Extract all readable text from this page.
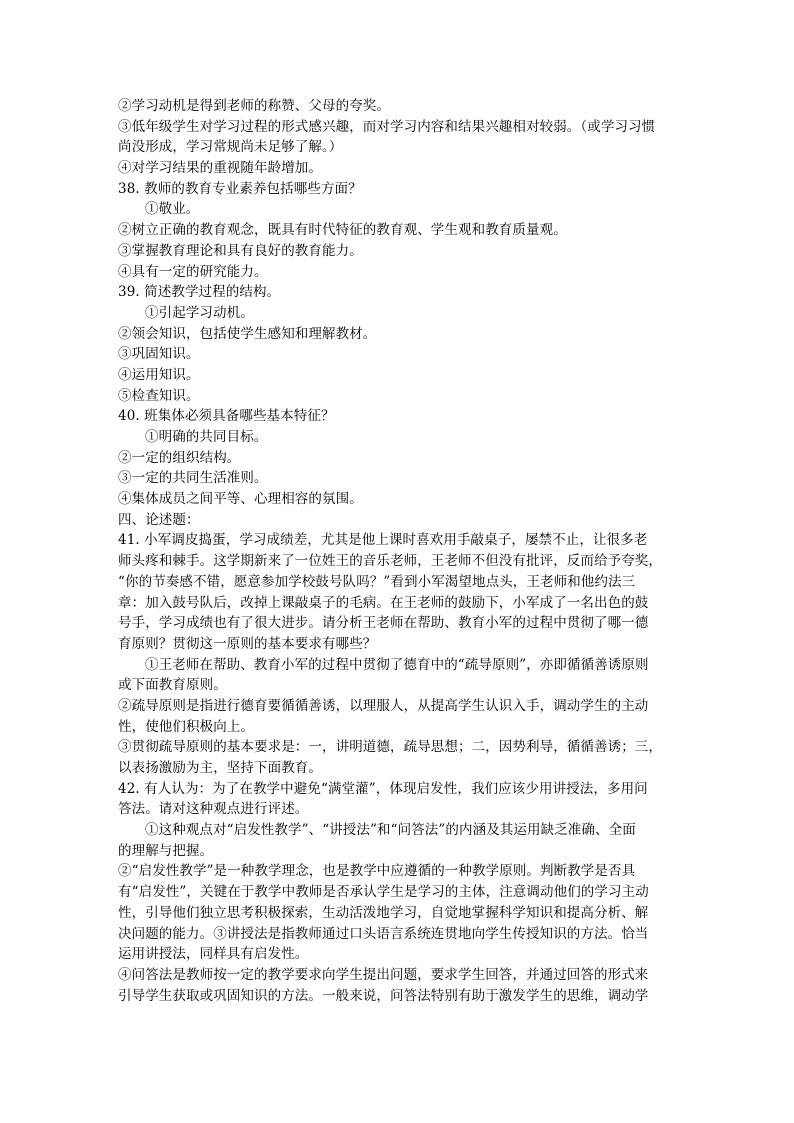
②学习动机是得到老师的称赞、父母的夸奖。
③低年级学生对学习过程的形式感兴趣，而对学习内容和结果兴趣相对较弱。（或学习习惯
尚没形成，学习常规尚未足够了解。）
④对学习结果的重视随年龄增加。
38. 教师的教育专业素养包括哪些方面？
①敬业。
②树立正确的教育观念，既具有时代特征的教育观、学生观和教育质量观。
③掌握教育理论和具有良好的教育能力。
④具有一定的研究能力。
39. 简述教学过程的结构。
①引起学习动机。
②领会知识，包括使学生感知和理解教材。
③巩固知识。
④运用知识。
⑤检查知识。
40. 班集体必须具备哪些基本特征？
①明确的共同目标。
②一定的组织结构。
③一定的共同生活准则。
④集体成员之间平等、心理相容的氛围。
四、论述题：
41. 小军调皮捣蛋，学习成绩差，尤其是他上课时喜欢用手敲桌子，屡禁不止，让很多老
师头疼和棘手。这学期新来了一位姓王的音乐老师，王老师不但没有批评，反而给予夸奖，
“你的节奏感不错，愿意参加学校鼓号队吗？”看到小军渴望地点头，王老师和他约法三
章：加入鼓号队后，改掉上课敲桌子的毛病。在王老师的鼓励下，小军成了一名出色的鼓
号手，学习成绩也有了很大进步。请分析王老师在帮助、教育小军的过程中贯彻了哪一德
育原则？贯彻这一原则的基本要求有哪些？
①王老师在帮助、教育小军的过程中贯彻了德育中的“疏导原则”，亦即循循善诱原则
或下面教育原则。
②疏导原则是指进行德育要循循善诱，以理服人，从提高学生认识入手，调动学生的主动
性，使他们积极向上。
③贯彻疏导原则的基本要求是：一，讲明道德，疏导思想；二，因势利导，循循善诱；三，
以表扬激励为主，坚持下面教育。
42. 有人认为：为了在教学中避免“满堂灌”，体现启发性，我们应该少用讲授法，多用问
答法。请对这种观点进行评述。
①这种观点对“启发性教学”、“讲授法”和“问答法”的内涵及其运用缺乏准确、全面
的理解与把握。
②“启发性教学”是一种教学理念，也是教学中应遵循的一种教学原则。判断教学是否具
有“启发性”，关键在于教学中教师是否承认学生是学习的主体，注意调动他们的学习主动
性，引导他们独立思考积极探索，生动活泼地学习，自觉地掌握科学知识和提高分析、解
决问题的能力。③讲授法是指教师通过口头语言系统连贯地向学生传授知识的方法。恰当
运用讲授法，同样具有启发性。
④问答法是教师按一定的教学要求向学生提出问题，要求学生回答，并通过回答的形式来
引导学生获取或巩固知识的方法。一般来说，问答法特别有助于激发学生的思维，调动学
